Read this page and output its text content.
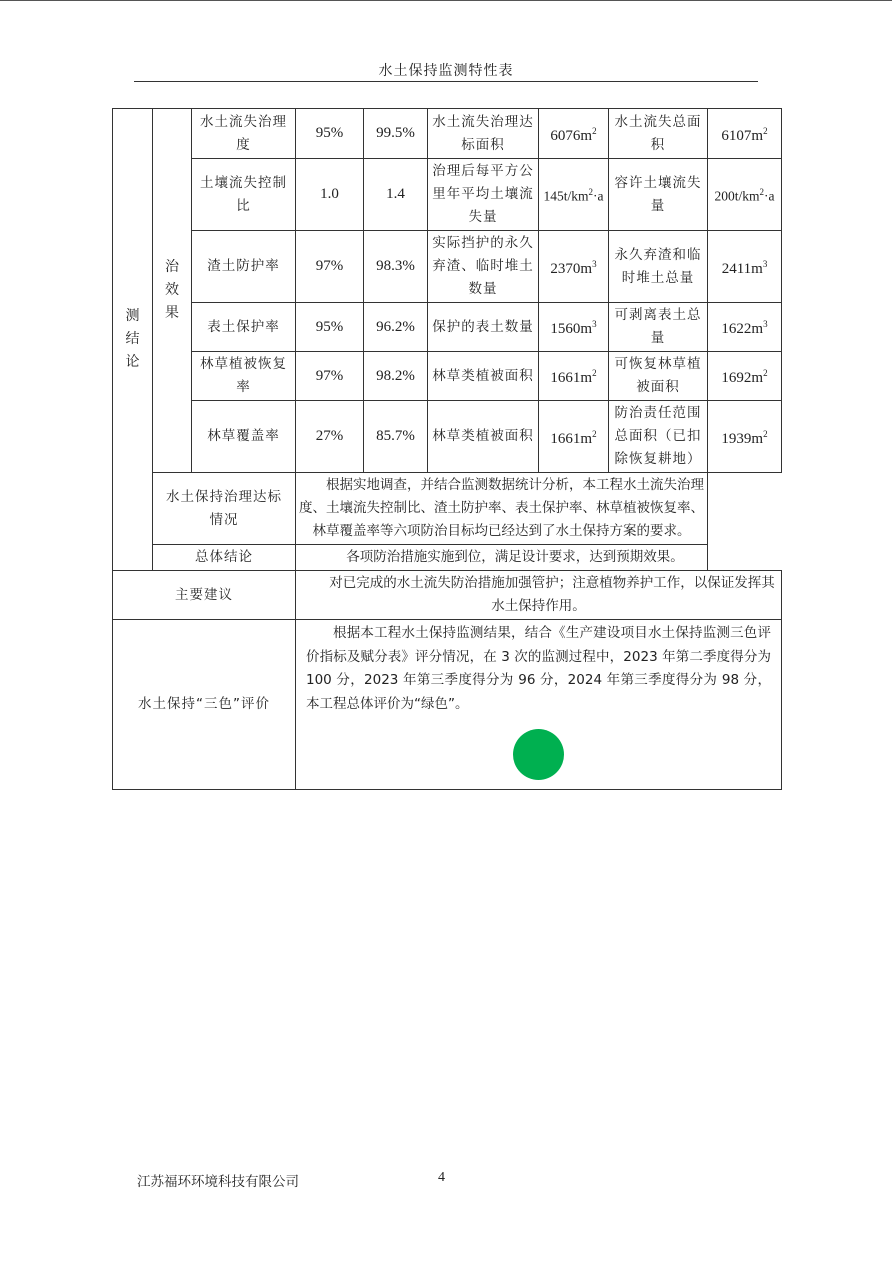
水土保持监测特性表
测结论	治效果	水土流失治理度	95%	99.5%	水土流失治理达标面积	$6076m^2$	水土流失总面积	$6107m^2$
		土壤流失控制比	1.0	1.4	治理后每平方公里年平均土壤流失量	$145t/km^2\cdot a$	容许土壤流失量	$200t/km^2\cdot a$
		渣土防护率	97%	98.3%	实际挡护的永久弃渣、临时堆土数量	$2370m^3$	永久弃渣和临时堆土总量	$2411m^3$
		表土保护率	95%	96.2%	保护的表土数量	$1560m^3$	可剥离表土总量	$1622m^3$
		林草植被恢复率	97%	98.2%	林草类植被面积	$1661m^2$	可恢复林草植被面积	$1692m^2$
		林草覆盖率	27%	85.7%	林草类植被面积	$1661m^2$	防治责任范围总面积（已扣除恢复耕地）	$1939m^2$
	水土保持治理达标情况		根据实地调查，并结合监测数据统计分析，本工程水土流失治理度、土壤流失控制比、渣土防护率、表土保护率、林草植被恢复率、林草覆盖率等六项防治目标均已经达到了水土保持方案的要求。					
	总体结论		各项防治措施实施到位，满足设计要求，达到预期效果。					
主要建议			对已完成的水土流失防治措施加强管护；注意植物养护工作，以保证发挥其水土保持作用。					
水土保持“三色”评价			根据本工程水土保持监测结果，结合《生产建设项目水土保持监测三色评价指标及赋分表》评分情况，在 3 次的监测过程中，2023 年第二季度得分为 100 分，2023 年第三季度得分为 96 分，2024 年第三季度得分为 98 分，本工程总体评价为“绿色”。					
江苏福环环境科技有限公司	4
